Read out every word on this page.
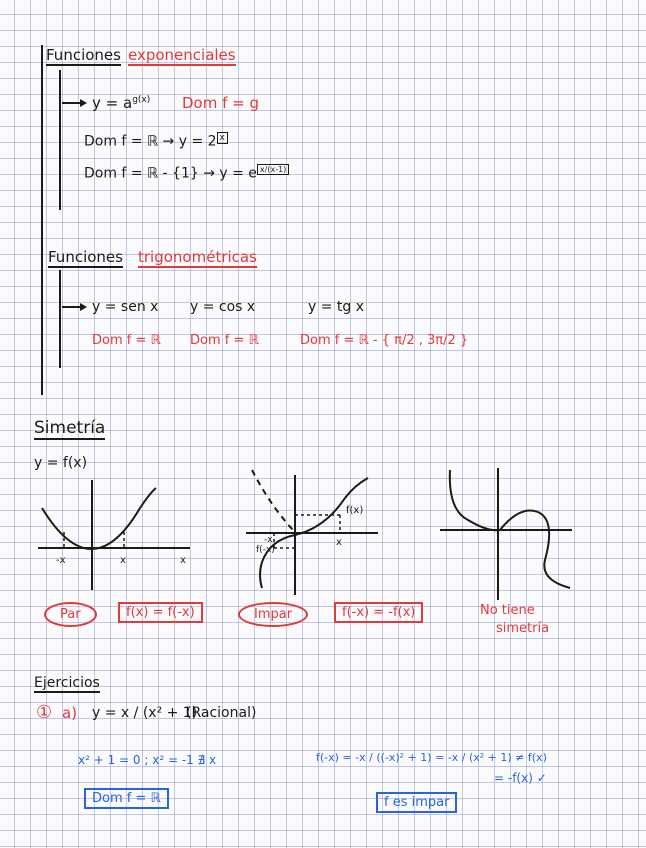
Funciones exponenciales
$y = a^{g(x)}$ Dom f = g
Dom f = ℝ → y = 2 $^x$
Dom f = ℝ - {1} → y = e $^{x/(x-1)}$
Funciones trigonométricas
y = sen x y = cos x	y = tg x
Dom f = ℝ Dom f = ℝ	Dom f = ℝ - { π/2 , 3π/2 }
Simetría
y = f(x)
-x	x	x
f(x)
x
-x
f(-x)
Par	f(x) = f(-x)	Impar	f(-x) = -f(x)	No tiene
simetría
Ejercicios
① a) y = x / (x² + 1)
(Racional)
x² + 1 = 0 ; x² = -1 ∄ x
Dom f = ℝ
f(-x) = -x / ((-x)² + 1) = -x / (x² + 1) ≠ f(x)
= -f(x) ✓
f es impar
